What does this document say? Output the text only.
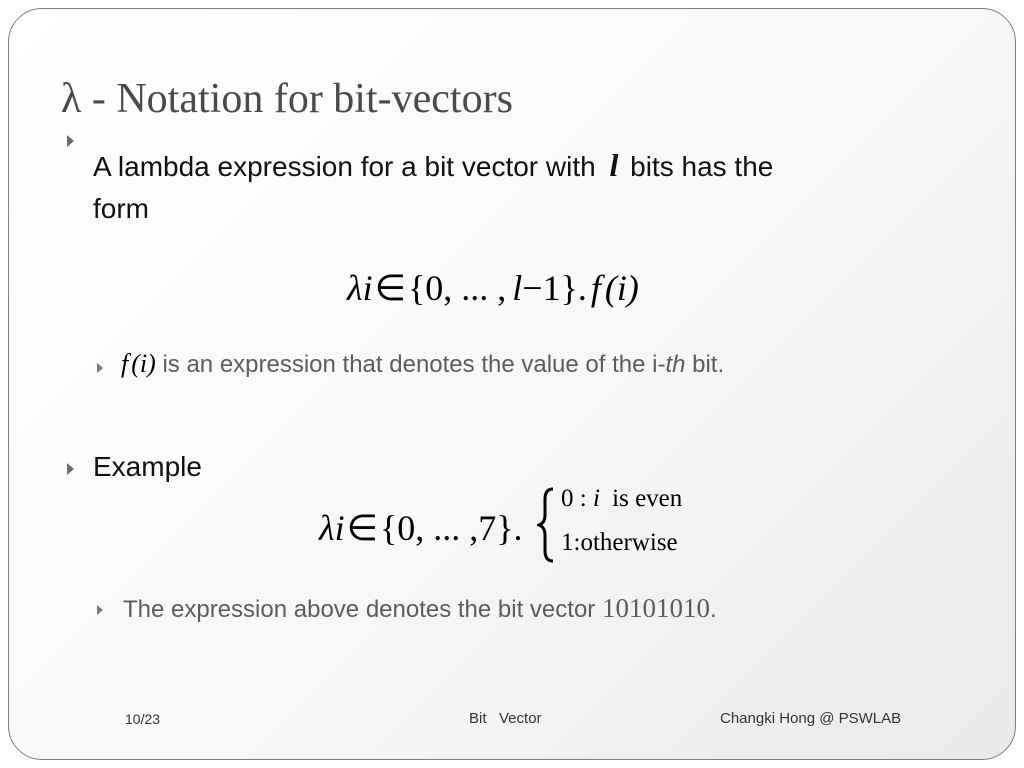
λ - Notation for bit-vectors
A lambda expression for a bit vector with l bits has the
form
λi∈{0, ... , l−1}. f (i)
f (i) is an expression that denotes the value of the i-th bit.
Example
λi∈{0, ... ,7}.
0 : i is even
1:otherwise
The expression above denotes the bit vector 10101010.
10/23	Bit   Vector	Changki Hong @ PSWLAB
